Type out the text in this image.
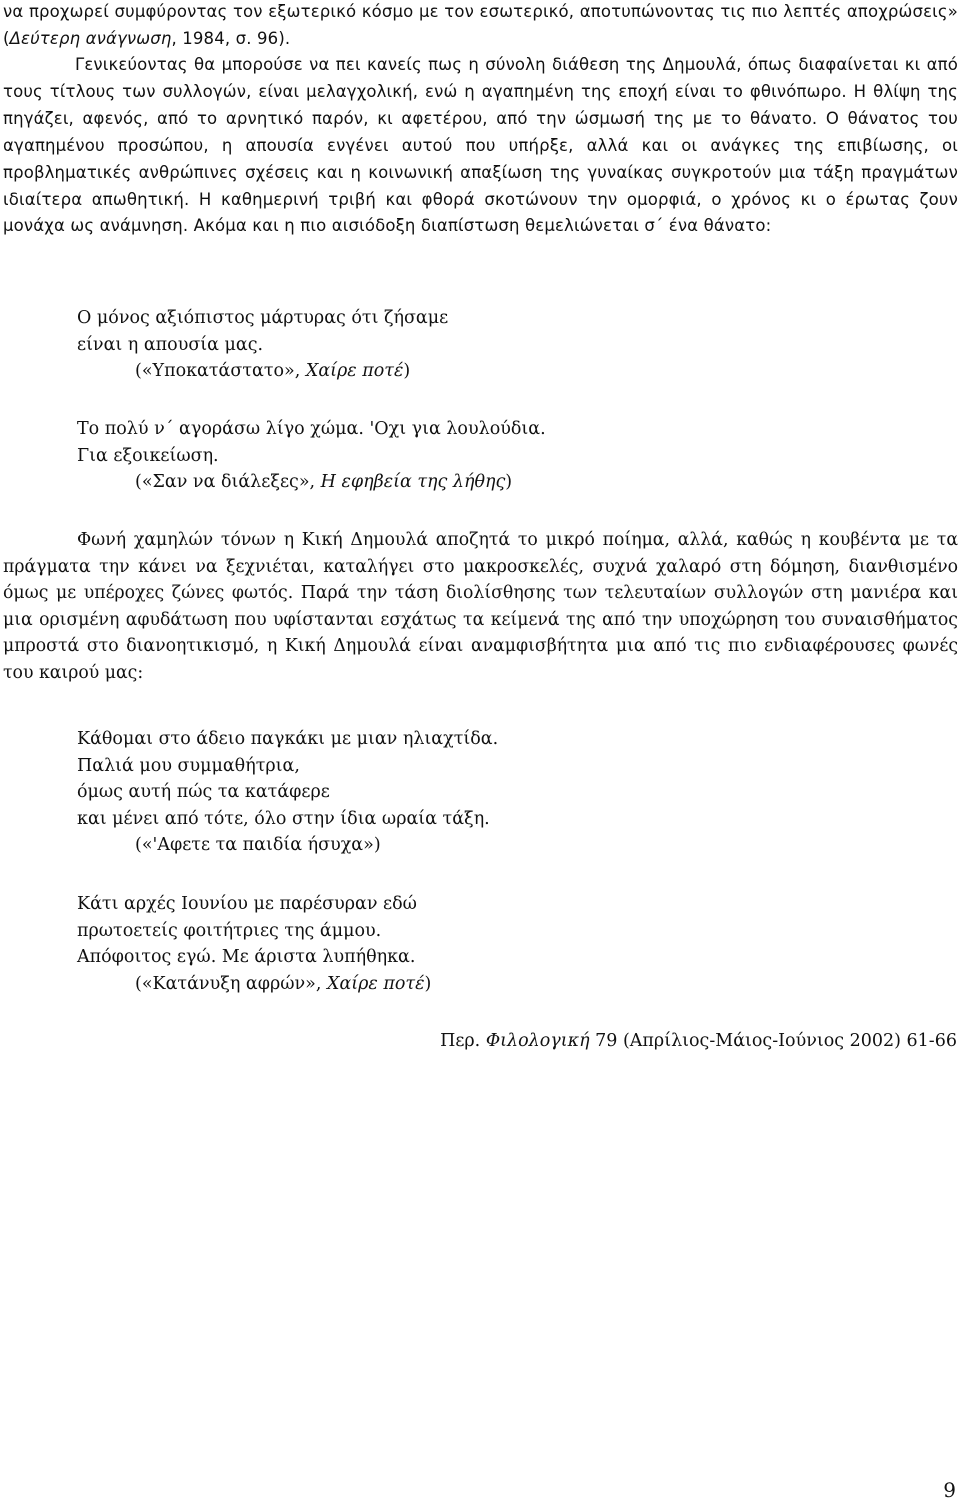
να προχωρεί συμφύροντας τον εξωτερικό κόσμο με τον εσωτερικό, αποτυπώνοντας τις πιο λεπτές αποχρώσεις» (Δεύτερη ανάγνωση, 1984, σ. 96).
Γενικεύοντας θα μπορούσε να πει κανείς πως η σύνολη διάθεση της Δημουλά, όπως διαφαίνεται κι από τους τίτλους των συλλογών, είναι μελαγχολική, ενώ η αγαπημένη της εποχή είναι το φθινόπωρο. Η θλίψη της πηγάζει, αφενός, από το αρνητικό παρόν, κι αφετέρου, από την ώσμωσή της με το θάνατο. Ο θάνατος του αγαπημένου προσώπου, η απουσία ενγένει αυτού που υπήρξε, αλλά και οι ανάγκες της επιβίωσης, οι προβληματικές ανθρώπινες σχέσεις και η κοινωνική απαξίωση της γυναίκας συγκροτούν μια τάξη πραγμάτων ιδιαίτερα απωθητική. Η καθημερινή τριβή και φθορά σκοτώνουν την ομορφιά, ο χρόνος κι ο έρωτας ζουν μονάχα ως ανάμνηση. Ακόμα και η πιο αισιόδοξη διαπίστωση θεμελιώνεται σ΄ ένα θάνατο:
Ο μόνος αξιόπιστος μάρτυρας ότι ζήσαμε
είναι η απουσία μας.
(«Υποκατάστατο», Χαίρε ποτέ)
Το πολύ ν΄ αγοράσω λίγο χώμα. 'Οχι για λουλούδια.
Για εξοικείωση.
(«Σαν να διάλεξες», Η εφηβεία της λήθης)
Φωνή χαμηλών τόνων η Κική Δημουλά αποζητά το μικρό ποίημα, αλλά, καθώς η κουβέντα με τα πράγματα την κάνει να ξεχνιέται, καταλήγει στο μακροσκελές, συχνά χαλαρό στη δόμηση, διανθισμένο όμως με υπέροχες ζώνες φωτός. Παρά την τάση διολίσθησης των τελευταίων συλλογών στη μανιέρα και μια ορισμένη αφυδάτωση που υφίστανται εσχάτως τα κείμενά της από την υποχώρηση του συναισθήματος μπροστά στο διανοητικισμό, η Κική Δημουλά είναι αναμφισβήτητα μια από τις πιο ενδιαφέρουσες φωνές του καιρού μας:
Κάθομαι στο άδειο παγκάκι με μιαν ηλιαχτίδα.
Παλιά μου συμμαθήτρια,
όμως αυτή πώς τα κατάφερε
και μένει από τότε, όλο στην ίδια ωραία τάξη.
(«'Αφετε τα παιδία ήσυχα»)
Κάτι αρχές Ιουνίου με παρέσυραν εδώ
πρωτοετείς φοιτήτριες της άμμου.
Απόφοιτος εγώ. Με άριστα λυπήθηκα.
(«Κατάνυξη αφρών», Χαίρε ποτέ)
Περ. Φιλολογική 79 (Απρίλιος-Μάιος-Ιούνιος 2002) 61-66
9
